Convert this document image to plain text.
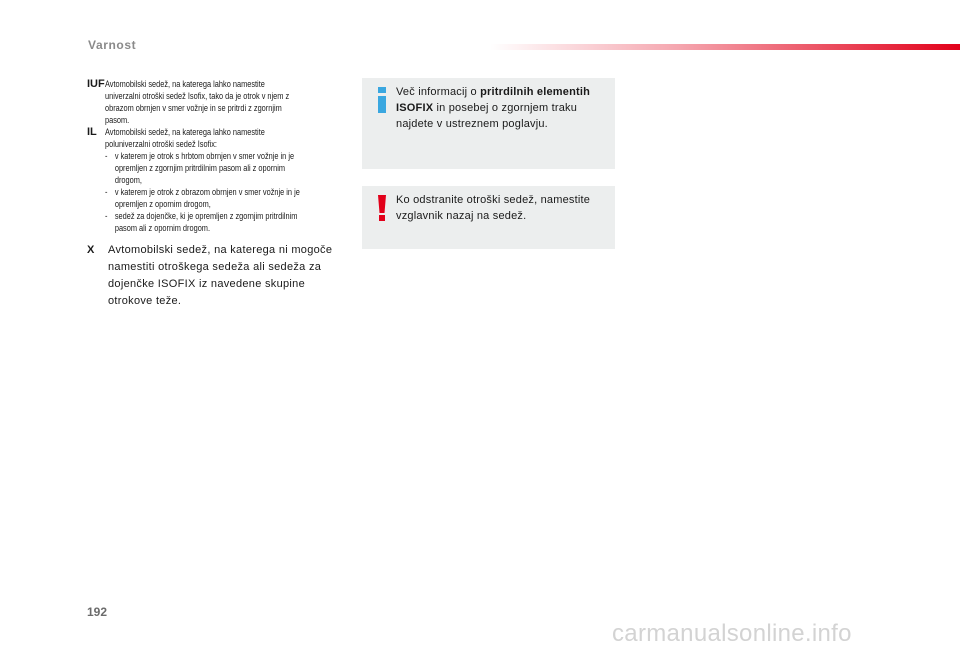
Varnost
IUF Avtomobilski sedež, na katerega lahko namestite univerzalni otroški sedež Isofix, tako da je otrok v njem z obrazom obrnjen v smer vožnje in se pritrdi z zgornjim pasom.
IL Avtomobilski sedež, na katerega lahko namestite poluniverzalni otroški sedež Isofix:
- v katerem je otrok s hrbtom obrnjen v smer vožnje in je opremljen z zgornjim pritrdilnim pasom ali z opornim drogom,
- v katerem je otrok z obrazom obrnjen v smer vožnje in je opremljen z opornim drogom,
- sedež za dojenčke, ki je opremljen z zgornjim pritrdilnim pasom ali z opornim drogom.
X	Avtomobilski sedež, na katerega ni mogoče namestiti otroškega sedeža ali sedeža za dojenčke ISOFIX iz navedene skupine otrokove teže.
Več informacij o pritrdilnih elementih ISOFIX in posebej o zgornjem traku najdete v ustreznem poglavju.
Ko odstranite otroški sedež, namestite vzglavnik nazaj na sedež.
192
carmanualsonline.info
